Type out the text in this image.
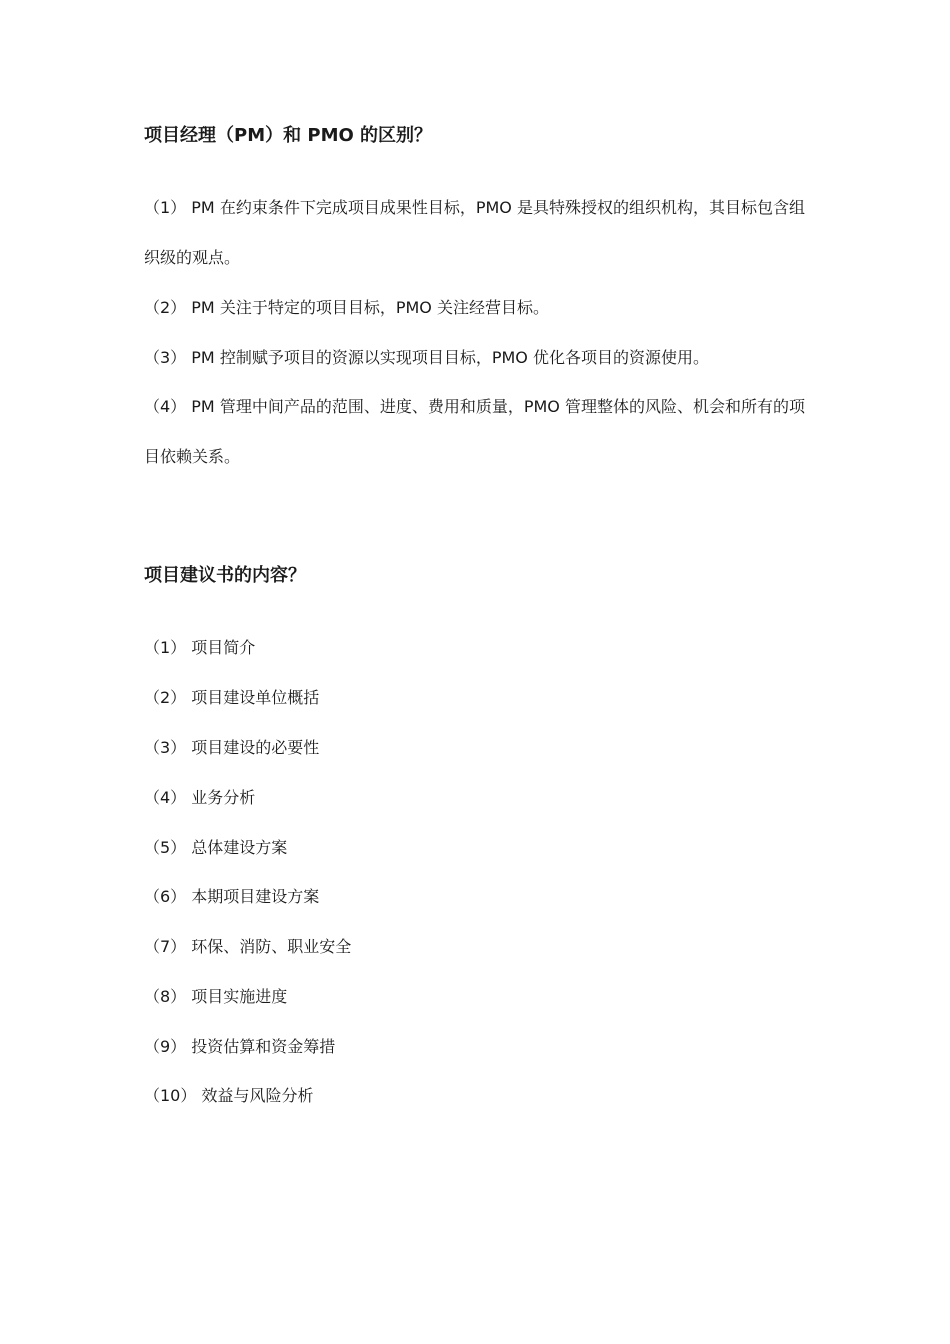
项目经理（PM）和 PMO 的区别？

（1） PM 在约束条件下完成项目成果性目标，PMO 是具特殊授权的组织机构，其目标包含组织级的观点。

（2） PM 关注于特定的项目目标，PMO 关注经营目标。

（3） PM 控制赋予项目的资源以实现项目目标，PMO 优化各项目的资源使用。

（4） PM 管理中间产品的范围、进度、费用和质量，PMO 管理整体的风险、机会和所有的项目依赖关系。

项目建议书的内容？

（1） 项目简介

（2） 项目建设单位概括

（3） 项目建设的必要性

（4） 业务分析

（5） 总体建设方案

（6） 本期项目建设方案

（7） 环保、消防、职业安全

（8） 项目实施进度

（9） 投资估算和资金筹措

（10） 效益与风险分析
